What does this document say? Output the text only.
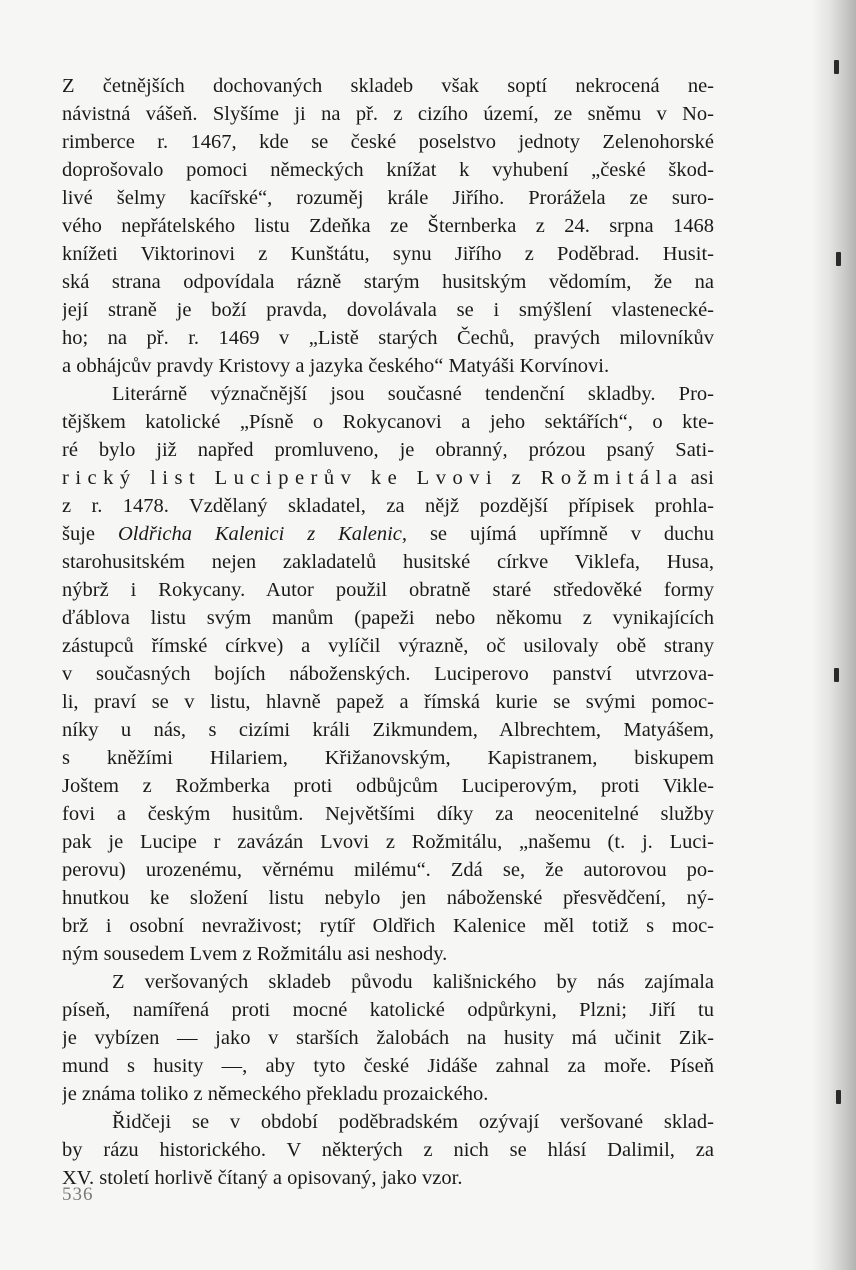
Z četnějších dochovaných skladeb však soptí nekrocená ne-
návistná vášeň. Slyšíme ji na př. z cizího území, ze sněmu v No-
rimberce r. 1467, kde se české poselstvo jednoty Zelenohorské
doprošovalo pomoci německých knížat k vyhubení „české škod-
livé šelmy kacířské“, rozuměj krále Jiřího. Prorážela ze suro-
vého nepřátelského listu Zdeňka ze Šternberka z 24. srpna 1468
knížeti Viktorinovi z Kunštátu, synu Jiřího z Poděbrad. Husit-
ská strana odpovídala rázně starým husitským vědomím, že na
její straně je boží pravda, dovolávala se i smýšlení vlastenecké-
ho; na př. r. 1469 v „Listě starých Čechů, pravých milovníkův
a obhájcův pravdy Kristovy a jazyka českého“ Matyáši Korvínovi.
Literárně význačnější jsou současné tendenční skladby. Pro-
tějškem katolické „Písně o Rokycanovi a jeho sektářích“, o kte-
ré bylo již napřed promluveno, je obranný, prózou psaný Sati-
rický list Luciperův ke Lvovi z Rožmitála asi
z r. 1478. Vzdělaný skladatel, za nějž pozdější přípisek prohla-
šuje Oldřicha Kalenici z Kalenic, se ujímá upřímně v duchu
starohusitském nejen zakladatelů husitské církve Viklefa, Husa,
nýbrž i Rokycany. Autor použil obratně staré středověké formy
ďáblova listu svým manům (papeži nebo někomu z vynikajících
zástupců římské církve) a vylíčil výrazně, oč usilovaly obě strany
v současných bojích náboženských. Luciperovo panství utvrzova-
li, praví se v listu, hlavně papež a římská kurie se svými pomoc-
níky u nás, s cizími králi Zikmundem, Albrechtem, Matyášem,
s kněžími Hilariem, Křižanovským, Kapistranem, biskupem
Joštem z Rožmberka proti odbůjcům Luciperovým, proti Vikle-
fovi a českým husitům. Největšími díky za neocenitelné služby
pak je Lucipe r zavázán Lvovi z Rožmitálu, „našemu (t. j. Luci-
perovu) urozenému, věrnému milému“. Zdá se, že autorovou po-
hnutkou ke složení listu nebylo jen náboženské přesvědčení, ný-
brž i osobní nevraživost; rytíř Oldřich Kalenice měl totiž s moc-
ným sousedem Lvem z Rožmitálu asi neshody.
Z veršovaných skladeb původu kališnického by nás zajímala
píseň, namířená proti mocné katolické odpůrkyni, Plzni; Jiří tu
je vybízen — jako v starších žalobách na husity má učinit Zik-
mund s husity —, aby tyto české Jidáše zahnal za moře. Píseň
je známa toliko z německého překladu prozaického.
Řidčeji se v období poděbradském ozývají veršované sklad-
by rázu historického. V některých z nich se hlásí Dalimil, za
XV. století horlivě čítaný a opisovaný, jako vzor.
536
